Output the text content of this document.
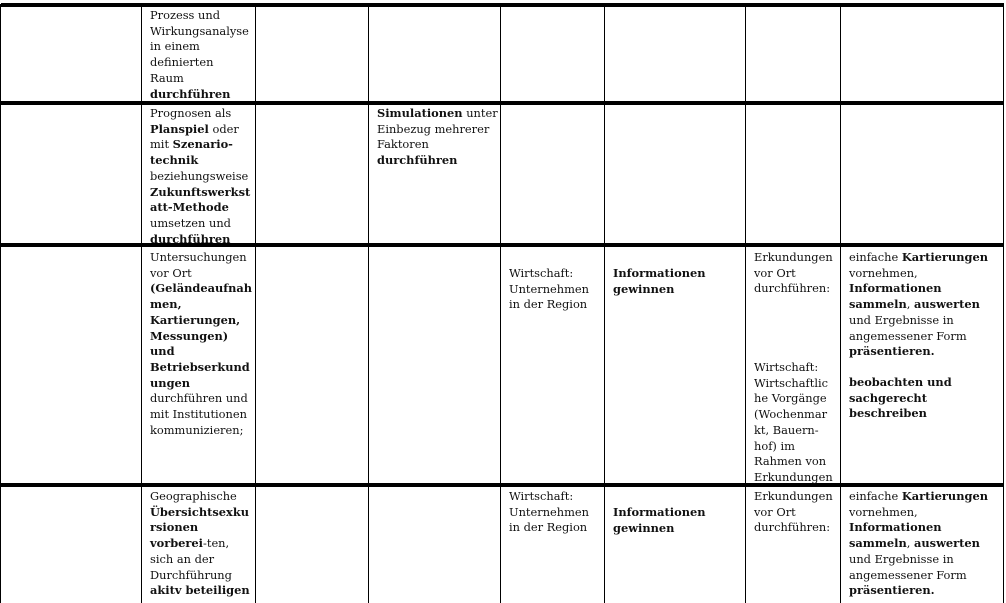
Prozess und
Wirkungsanalyse
in einem
definierten
Raum
durchführen
Prognosen als
Planspiel oder
mit Szenario-
technik
beziehungsweise
Zukunftswerkst
att-Methode
umsetzen und
durchführen
Simulationen unter
Einbezug mehrerer
Faktoren
durchführen
Untersuchungen
vor Ort
(Geländeaufnah
men,
Kartierungen,
Messungen)
und
Betriebserkund
ungen
durchführen und
mit Institutionen
kommunizieren;
Wirtschaft:
Unternehmen
in der Region
Informationen
gewinnen
Erkundungen
vor Ort
durchführen:
Wirtschaft:
Wirtschaftlic
he Vorgänge
(Wochenmar
kt, Bauern-
hof) im
Rahmen von
Erkundungen
einfache Kartierungen
vornehmen,
Informationen
sammeln, auswerten
und Ergebnisse in
angemessener Form
präsentieren.
beobachten und
sachgerecht
beschreiben
Geographische
Übersichtsexku
rsionen
vorberei-ten,
sich an der
Durchführung
akitv beteiligen
Wirtschaft:
Unternehmen
in der Region
Informationen
gewinnen
Erkundungen
vor Ort
durchführen:
einfache Kartierungen
vornehmen,
Informationen
sammeln, auswerten
und Ergebnisse in
angemessener Form
präsentieren.
